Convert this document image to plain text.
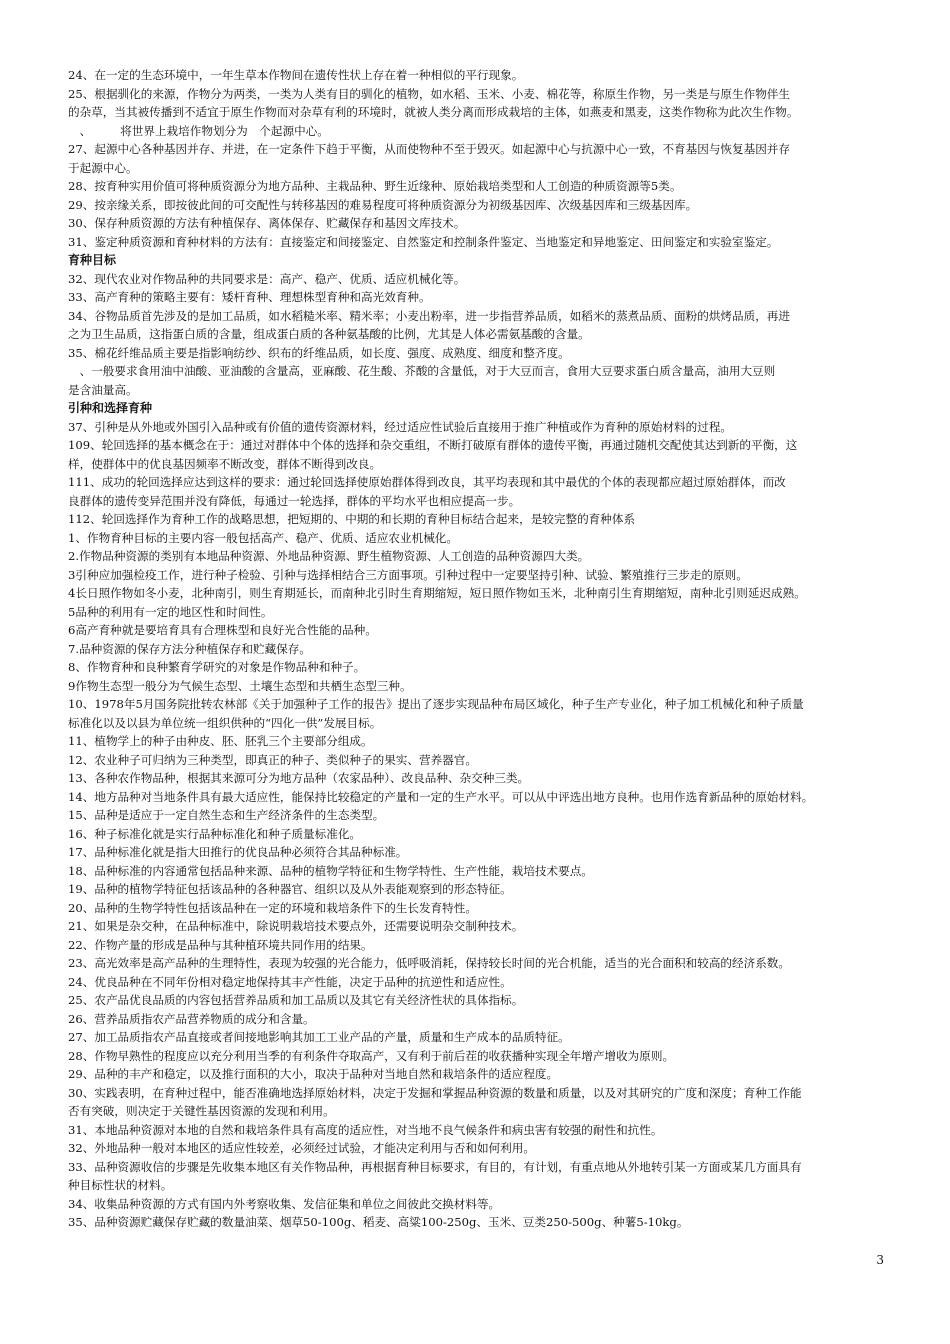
24、在一定的生态环境中，一年生草本作物间在遗传性状上存在着一种相似的平行现象。

25、根据驯化的来源，作物分为两类，一类为人类有目的驯化的植物，如水稻、玉米、小麦、棉花等，称原生作物，另一类是与原生作物伴生

的杂草，当其被传播到不适宜于原生作物而对杂草有利的环境时，就被人类分离而形成栽培的主体，如燕麦和黑麦，这类作物称为此次生作物。

　、　　　将世界上栽培作物划分为　个起源中心。

27、起源中心各种基因并存、并进，在一定条件下趋于平衡，从而使物种不至于毁灭。如起源中心与抗源中心一致，不育基因与恢复基因并存

于起源中心。

28、按育种实用价值可将种质资源分为地方品种、主栽品种、野生近缘种、原始栽培类型和人工创造的种质资源等5类。

29、按亲缘关系，即按彼此间的可交配性与转移基因的难易程度可将种质资源分为初级基因库、次级基因库和三级基因库。

30、保存种质资源的方法有种植保存、离体保存、贮藏保存和基因文库技术。

31、鉴定种质资源和育种材料的方法有：直接鉴定和间接鉴定、自然鉴定和控制条件鉴定、当地鉴定和异地鉴定、田间鉴定和实验室鉴定。

育种目标

32、现代农业对作物品种的共同要求是：高产、稳产、优质、适应机械化等。

33、高产育种的策略主要有：矮杆育种、理想株型育种和高光效育种。

34、谷物品质首先涉及的是加工品质，如水稻糙米率、精米率；小麦出粉率，进一步指营养品质，如稻米的蒸煮品质、面粉的烘烤品质，再进

之为卫生品质，这指蛋白质的含量，组成蛋白质的各种氨基酸的比例，尤其是人体必需氨基酸的含量。

35、棉花纤维品质主要是指影响纺纱、织布的纤维品质，如长度、强度、成熟度、细度和整齐度。

　、一般要求食用油中油酸、亚油酸的含量高，亚麻酸、花生酸、芥酸的含量低，对于大豆而言，食用大豆要求蛋白质含量高，油用大豆则

是含油量高。

引种和选择育种

37、引种是从外地或外国引入品种或有价值的遗传资源材料，经过适应性试验后直接用于推广种植或作为育种的原始材料的过程。

109、轮回选择的基本概念在于：通过对群体中个体的选择和杂交重组，不断打破原有群体的遗传平衡，再通过随机交配使其达到新的平衡，这

样，使群体中的优良基因频率不断改变，群体不断得到改良。

111、成功的轮回选择应达到这样的要求：通过轮回选择使原始群体得到改良，其平均表现和其中最优的个体的表现都应超过原始群体，而改

良群体的遗传变异范围并没有降低，每通过一轮选择，群体的平均水平也相应提高一步。

112、轮回选择作为育种工作的战略思想，把短期的、中期的和长期的育种目标结合起来，是较完整的育种体系

1、作物育种目标的主要内容一般包括高产、稳产、优质、适应农业机械化。

2.作物品种资源的类别有本地品种资源、外地品种资源、野生植物资源、人工创造的品种资源四大类。

3引种应加强检疫工作，进行种子检验、引种与选择相结合三方面事项。引种过程中一定要坚持引种、试验、繁殖推行三步走的原则。

4长日照作物如冬小麦，北种南引，则生育期延长，而南种北引时生育期缩短，短日照作物如玉米，北种南引生育期缩短，南种北引则延迟成熟。

5品种的利用有一定的地区性和时间性。

6高产育种就是要培育具有合理株型和良好光合性能的品种。

7.品种资源的保存方法分种植保存和贮藏保存。

8、作物育种和良种繁育学研究的对象是作物品种和种子。

9作物生态型一般分为气候生态型、土壤生态型和共栖生态型三种。

10、1978年5月国务院批转农林部《关于加强种子工作的报告》提出了逐步实现品种布局区域化，种子生产专业化，种子加工机械化和种子质量

标准化以及以县为单位统一组织供种的“四化一供”发展目标。

11、植物学上的种子由种皮、胚、胚乳三个主要部分组成。

12、农业种子可归纳为三种类型，即真正的种子、类似种子的果实、营养器官。

13、各种农作物品种，根据其来源可分为地方品种（农家品种）、改良品种、杂交种三类。

14、地方品种对当地条件具有最大适应性，能保持比较稳定的产量和一定的生产水平。可以从中评选出地方良种。也用作选育新品种的原始材料。

15、品种是适应于一定自然生态和生产经济条件的生态类型。

16、种子标准化就是实行品种标准化和种子质量标准化。

17、品种标准化就是指大田推行的优良品种必须符合其品种标准。

18、品种标准的内容通常包括品种来源、品种的植物学特征和生物学特性、生产性能，栽培技术要点。

19、品种的植物学特征包括该品种的各种器官、组织以及从外表能观察到的形态特征。

20、品种的生物学特性包括该品种在一定的环境和栽培条件下的生长发育特性。

21、如果是杂交种，在品种标准中，除说明栽培技术要点外，还需要说明杂交制种技术。

22、作物产量的形成是品种与其种植环境共同作用的结果。

23、高光效率是高产品种的生理特性，表现为较强的光合能力，低呼吸消耗，保持较长时间的光合机能，适当的光合面积和较高的经济系数。

24、优良品种在不同年份相对稳定地保持其丰产性能，决定于品种的抗逆性和适应性。

25、农产品优良品质的内容包括营养品质和加工品质以及其它有关经济性状的具体指标。

26、营养品质指农产品营养物质的成分和含量。

27、加工品质指农产品直接或者间接地影响其加工工业产品的产量，质量和生产成本的品质特征。

28、作物早熟性的程度应以充分利用当季的有利条件夺取高产，又有利于前后茬的收获播种实现全年增产增收为原则。

29、品种的丰产和稳定，以及推行面积的大小，取决于品种对当地自然和栽培条件的适应程度。

30、实践表明，在育种过程中，能否准确地选择原始材料，决定于发掘和掌握品种资源的数量和质量，以及对其研究的广度和深度；育种工作能

否有突破，则决定于关键性基因资源的发现和利用。

31、本地品种资源对本地的自然和栽培条件具有高度的适应性，对当地不良气候条件和病虫害有较强的耐性和抗性。

32、外地品种一般对本地区的适应性较差，必须经过试验，才能决定利用与否和如何利用。

33、品种资源收信的步骤是先收集本地区有关作物品种，再根据育种目标要求，有目的，有计划，有重点地从外地转引某一方面或某几方面具有

种目标性状的材料。

34、收集品种资源的方式有国内外考察收集、发信征集和单位之间彼此交换材料等。

35、品种资源贮藏保存贮藏的数量油菜、烟草50-100g、稻麦、高粱100-250g、玉米、豆类250-500g、种薯5-10kg。

3
